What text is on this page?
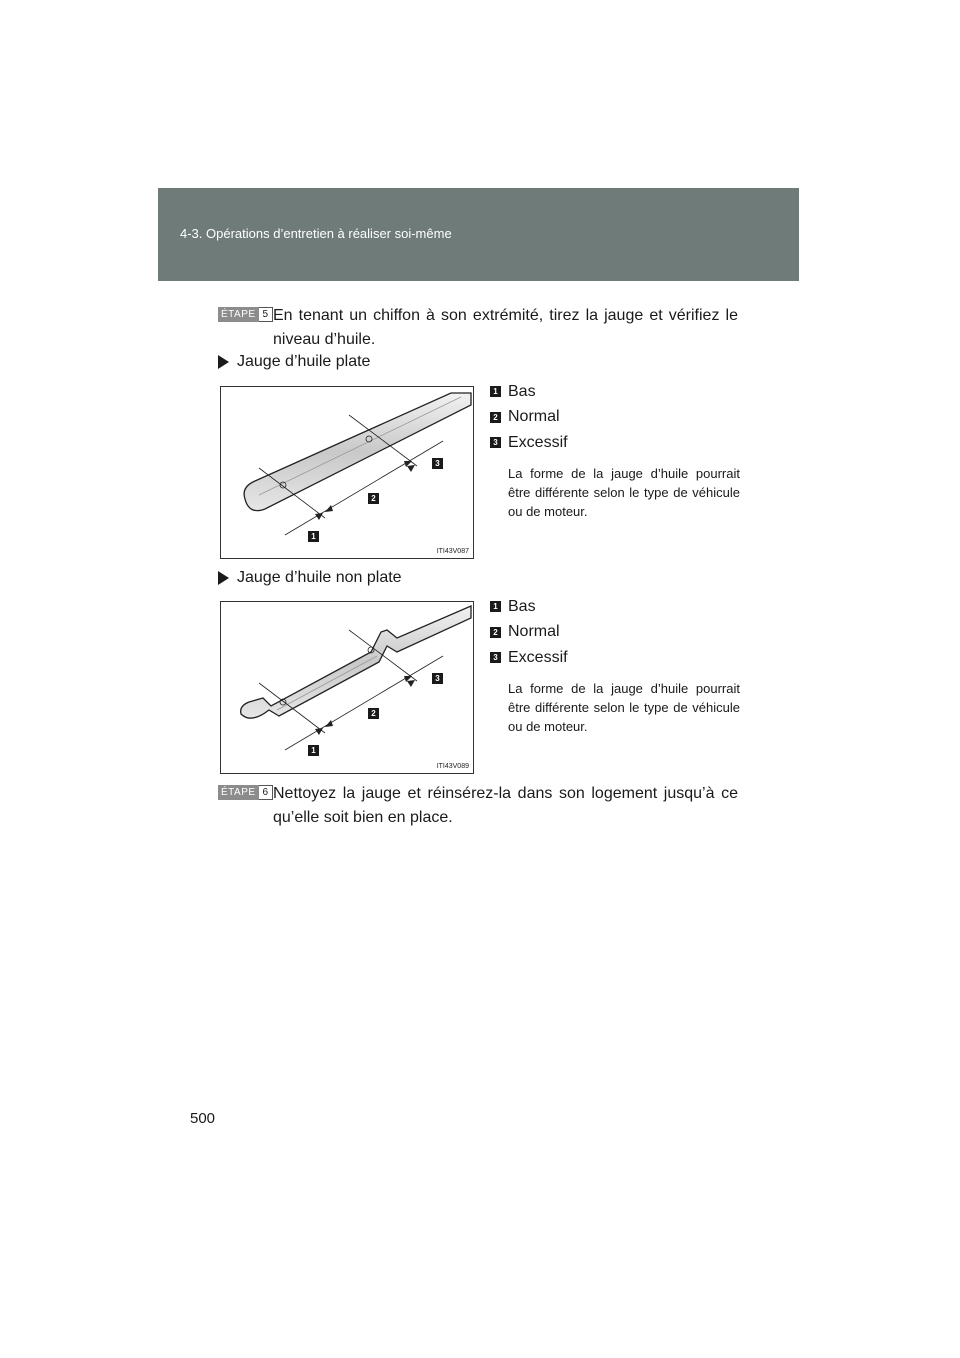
4-3. Opérations d’entretien à réaliser soi-même
ÉTAPE 5 En tenant un chiffon à son extrémité, tirez la jauge et vérifiez le niveau d’huile.
Jauge d’huile plate
1
2
3
ITI43V087
1 Bas
2 Normal
3 Excessif
La forme de la jauge d’huile pourrait être différente selon le type de véhicule ou de moteur.
Jauge d’huile non plate
1
2
3
ITI43V089
1 Bas
2 Normal
3 Excessif
La forme de la jauge d’huile pourrait être différente selon le type de véhicule ou de moteur.
ÉTAPE 6 Nettoyez la jauge et réinsérez-la dans son logement jusqu’à ce qu’elle soit bien en place.
500
